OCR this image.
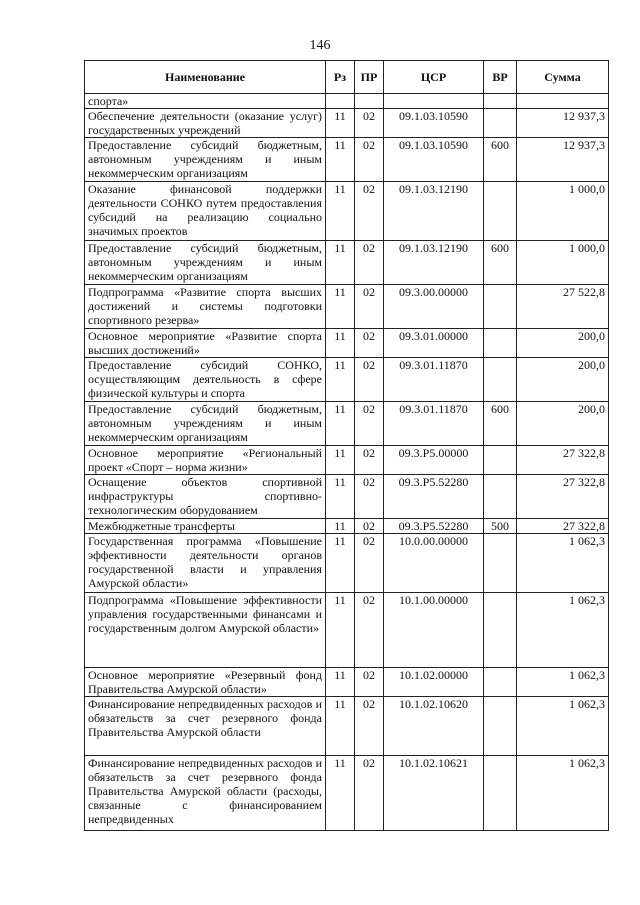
146
Наименование	Рз	ПР	ЦСР	ВР	Сумма
спорта»					
Обеспечение деятельности (оказание услуг) государственных учреждений	11	02	09.1.03.10590		12 937,3
Предоставление субсидий бюджетным, автономным учреждениям и иным некоммерческим организациям	11	02	09.1.03.10590	600	12 937,3
Оказание финансовой поддержки деятельности СОНКО путем предоставления субсидий на реализацию социально значимых проектов	11	02	09.1.03.12190		1 000,0
Предоставление субсидий бюджетным, автономным учреждениям и иным некоммерческим организациям	11	02	09.1.03.12190	600	1 000,0
Подпрограмма «Развитие спорта высших достижений и системы подготовки спортивного резерва»	11	02	09.3.00.00000		27 522,8
Основное мероприятие «Развитие спорта высших достижений»	11	02	09.3.01.00000		200,0
Предоставление субсидий СОНКО, осуществляющим деятельность в сфере физической культуры и спорта	11	02	09.3.01.11870		200,0
Предоставление субсидий бюджетным, автономным учреждениям и иным некоммерческим организациям	11	02	09.3.01.11870	600	200,0
Основное мероприятие «Региональный проект «Спорт – норма жизни»	11	02	09.3.P5.00000		27 322,8
Оснащение объектов спортивной инфраструктуры спортивно-технологическим оборудованием	11	02	09.3.P5.52280		27 322,8
Межбюджетные трансферты	11	02	09.3.P5.52280	500	27 322,8
Государственная программа «Повышение эффективности деятельности органов государственной власти и управления Амурской области»	11	02	10.0.00.00000		1 062,3
Подпрограмма «Повышение эффективности управления государственными финансами и государственным долгом Амурской области»	11	02	10.1.00.00000		1 062,3
Основное мероприятие «Резервный фонд Правительства Амурской области»	11	02	10.1.02.00000		1 062,3
Финансирование непредвиденных расходов и обязательств за счет резервного фонда Правительства Амурской области	11	02	10.1.02.10620		1 062,3
Финансирование непредвиденных расходов и обязательств за счет резервного фонда Правительства Амурской области (расходы, связанные с финансированием непредвиденных	11	02	10.1.02.10621		1 062,3
